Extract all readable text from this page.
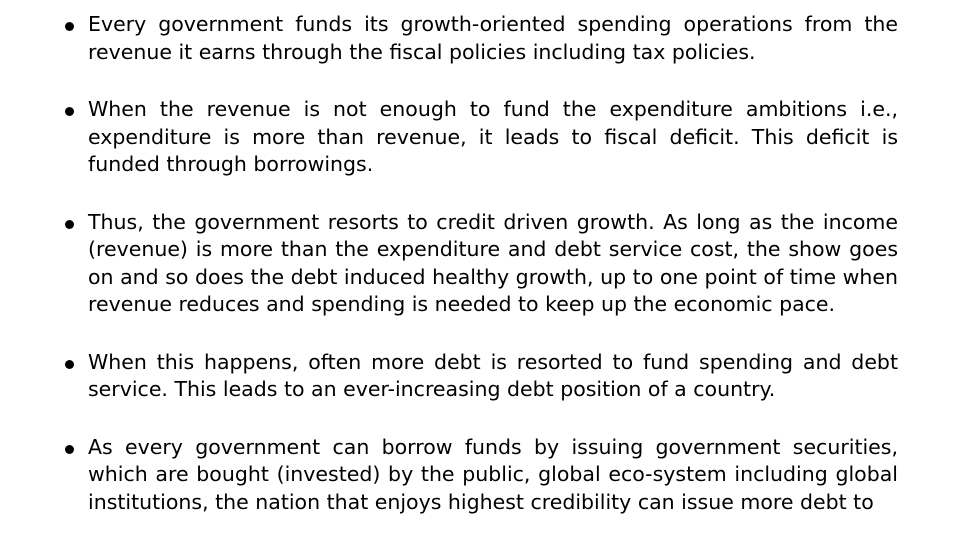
Every government funds its growth-oriented spending operations from the revenue it earns through the fiscal policies including tax policies.

When the revenue is not enough to fund the expenditure ambitions i.e., expenditure is more than revenue, it leads to fiscal deficit. This deficit is funded through borrowings.

Thus, the government resorts to credit driven growth. As long as the income (revenue) is more than the expenditure and debt service cost, the show goes on and so does the debt induced healthy growth, up to one point of time when revenue reduces and spending is needed to keep up the economic pace.

When this happens, often more debt is resorted to fund spending and debt service. This leads to an ever-increasing debt position of a country.

As every government can borrow funds by issuing government securities, which are bought (invested) by the public, global eco-system including global institutions, the nation that enjoys highest credibility can issue more debt to
